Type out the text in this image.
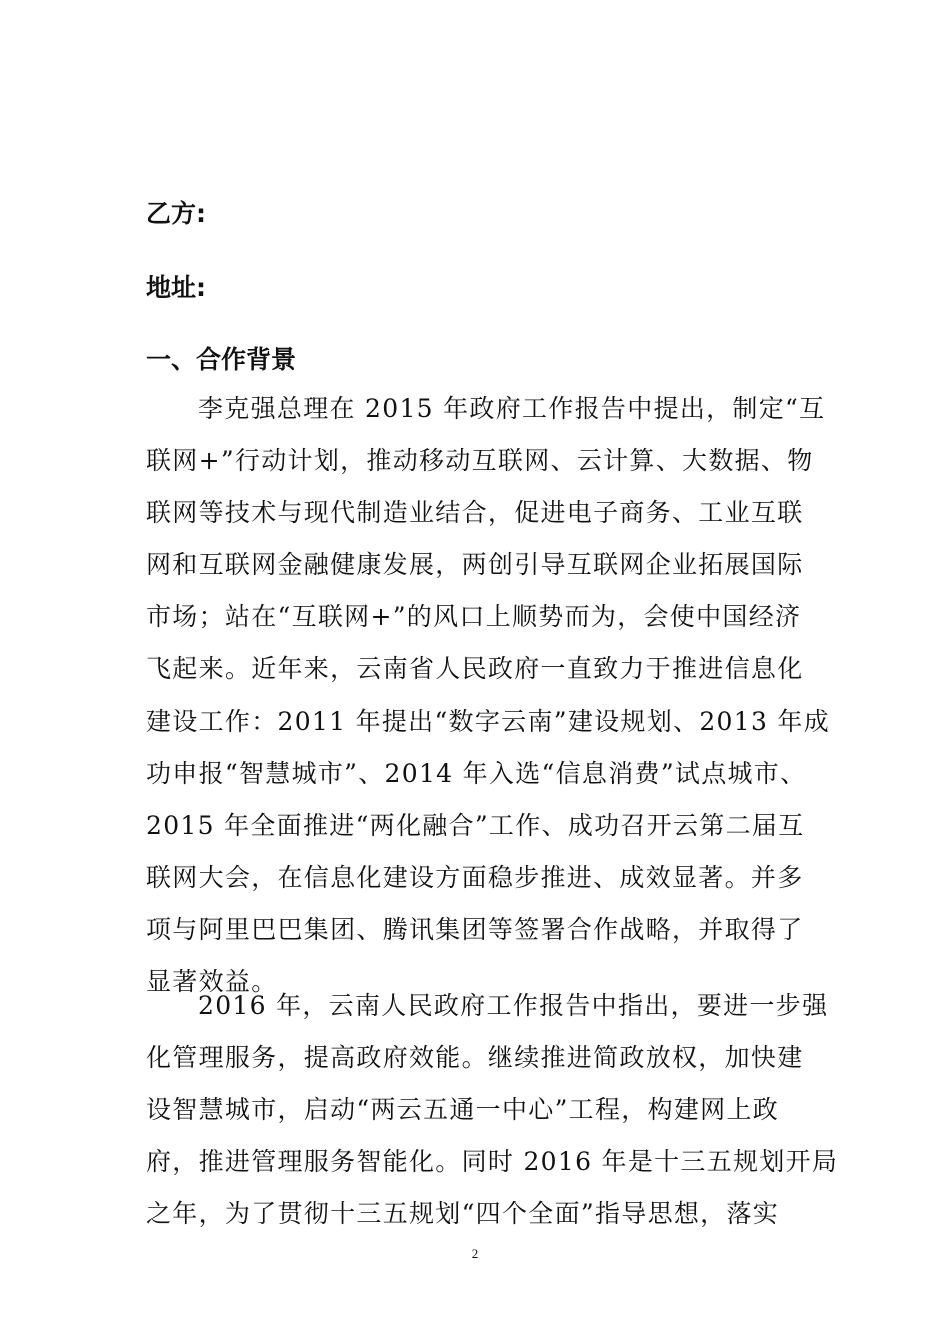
乙方:

地址:

一、合作背景

李克强总理在 2015 年政府工作报告中提出，制定“互
联网+”行动计划，推动移动互联网、云计算、大数据、物
联网等技术与现代制造业结合，促进电子商务、工业互联
网和互联网金融健康发展，两创引导互联网企业拓展国际
市场；站在“互联网+”的风口上顺势而为，会使中国经济
飞起来。近年来，云南省人民政府一直致力于推进信息化
建设工作：2011 年提出“数字云南”建设规划、2013 年成
功申报“智慧城市”、2014 年入选“信息消费”试点城市、
2015 年全面推进“两化融合”工作、成功召开云第二届互
联网大会，在信息化建设方面稳步推进、成效显著。并多
项与阿里巴巴集团、腾讯集团等签署合作战略，并取得了
显著效益。
2016 年，云南人民政府工作报告中指出，要进一步强
化管理服务，提高政府效能。继续推进简政放权，加快建
设智慧城市，启动“两云五通一中心”工程，构建网上政
府，推进管理服务智能化。同时 2016 年是十三五规划开局
之年，为了贯彻十三五规划“四个全面”指导思想，落实
2
